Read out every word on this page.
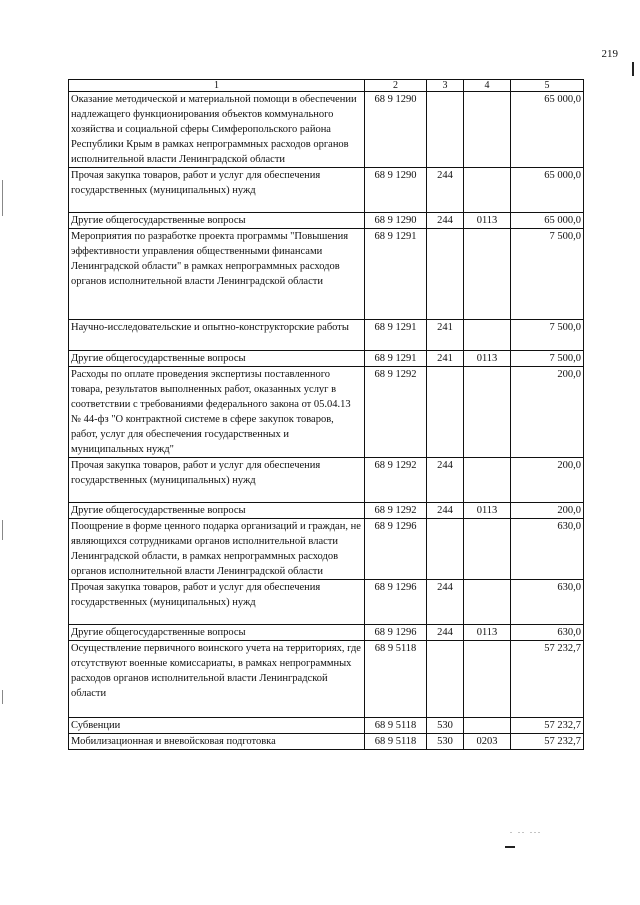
219
1	2	3	4	5
Оказание методической и материальной помощи в обеспечении надлежащего функционирования объектов коммунального хозяйства и социальной сферы Симферопольского района Республики Крым в рамках непрограммных расходов органов исполнительной власти Ленинградской области	68 9 1290			65 000,0
Прочая закупка товаров, работ и услуг для обеспечения государственных (муниципальных) нужд	68 9 1290	244		65 000,0
Другие общегосударственные вопросы	68 9 1290	244	0113	65 000,0
Мероприятия по разработке проекта программы "Повышения эффективности управления общественными финансами Ленинградской области" в рамках непрограммных расходов органов исполнительной власти Ленинградской области	68 9 1291			7 500,0
Научно-исследовательские и опытно-конструкторские работы	68 9 1291	241		7 500,0
Другие общегосударственные вопросы	68 9 1291	241	0113	7 500,0
Расходы по оплате проведения экспертизы поставленного товара, результатов выполненных работ, оказанных услуг в соответствии с требованиями федерального закона от 05.04.13 № 44-фз "О контрактной системе в сфере закупок товаров, работ, услуг для обеспечения государственных и муниципальных нужд"	68 9 1292			200,0
Прочая закупка товаров, работ и услуг для обеспечения государственных (муниципальных) нужд	68 9 1292	244		200,0
Другие общегосударственные вопросы	68 9 1292	244	0113	200,0
Поощрение в форме ценного подарка организаций и граждан, не являющихся сотрудниками органов исполнительной власти Ленинградской области, в рамках непрограммных расходов органов исполнительной власти Ленинградской области	68 9 1296			630,0
Прочая закупка товаров, работ и услуг для обеспечения государственных (муниципальных) нужд	68 9 1296	244		630,0
Другие общегосударственные вопросы	68 9 1296	244	0113	630,0
Осуществление первичного воинского учета на территориях, где отсутствуют военные комиссариаты, в рамках непрограммных расходов органов исполнительной власти Ленинградской области	68 9 5118			57 232,7
Субвенции	68 9 5118	530		57 232,7
Мобилизационная и вневойсковая подготовка	68 9 5118	530	0203	57 232,7
. .. ...
